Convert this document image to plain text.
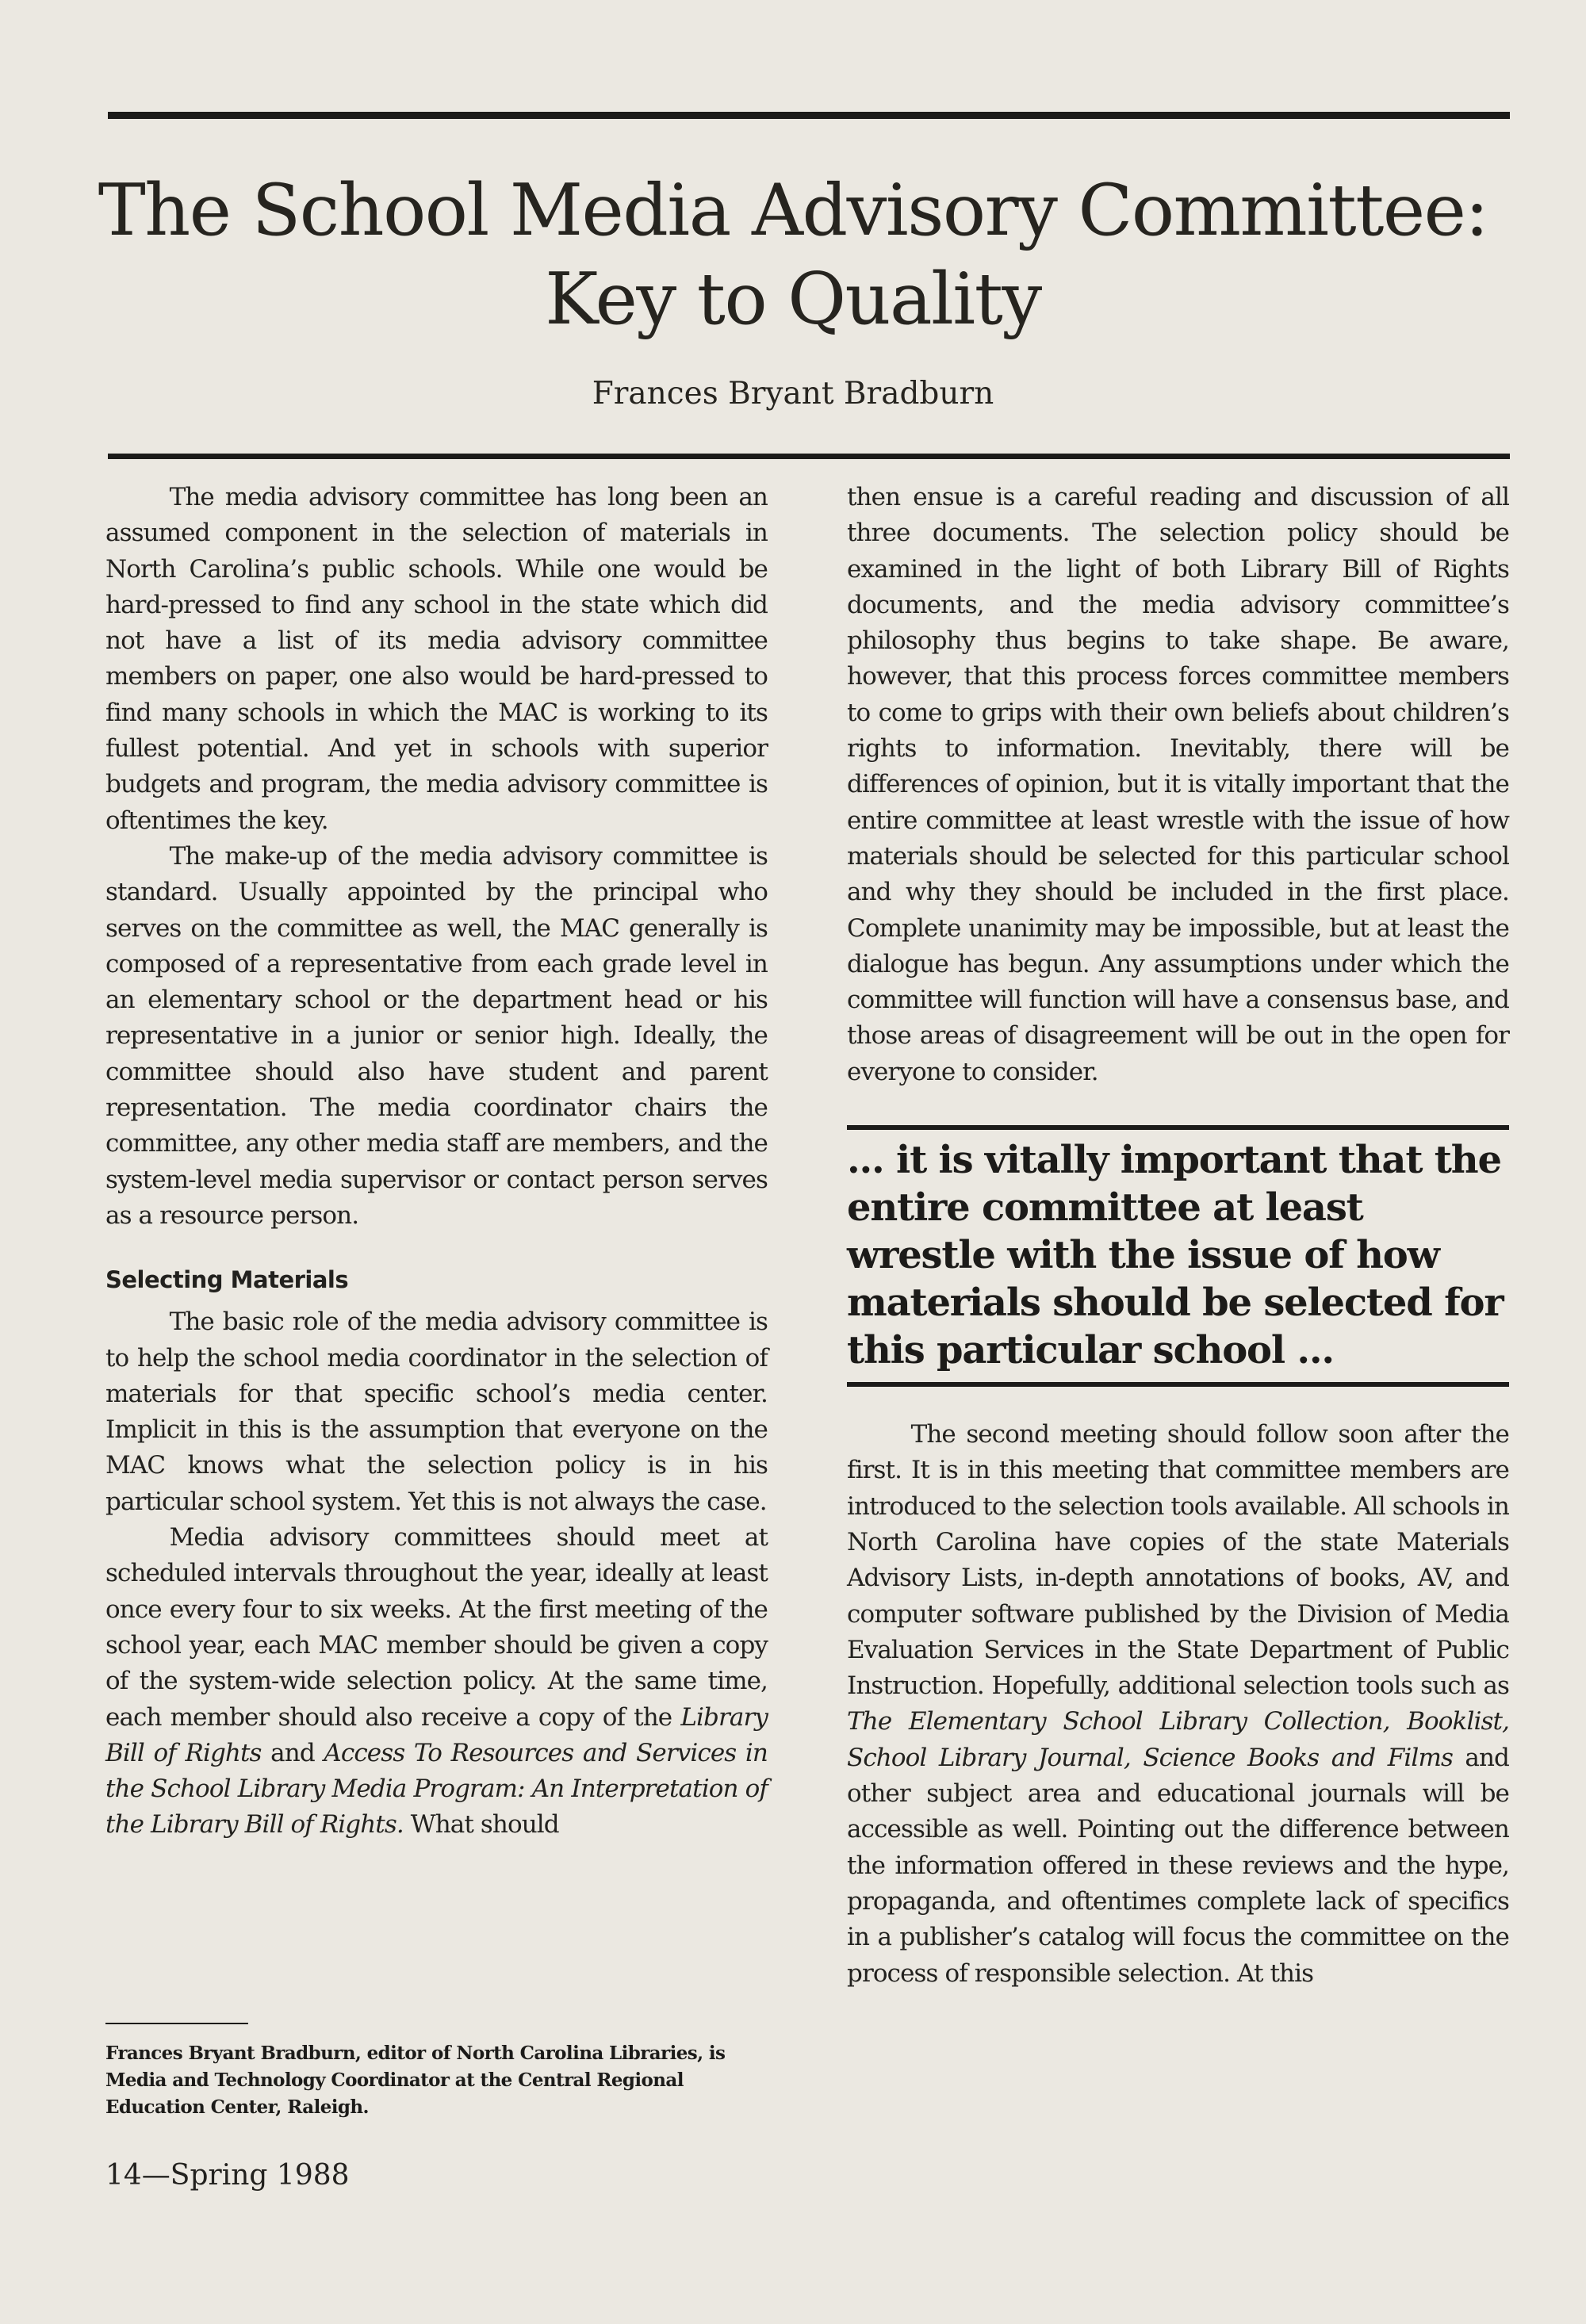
The School Media Advisory Committee:
Key to Quality
Frances Bryant Bradburn

The media advisory committee has long been an assumed component in the selection of materials in North Carolina’s public schools. While one would be hard-pressed to find any school in the state which did not have a list of its media advisory committee members on paper, one also would be hard-pressed to find many schools in which the MAC is working to its fullest potential. And yet in schools with superior budgets and program, the media advisory committee is oftentimes the key.

The make-up of the media advisory committee is standard. Usually appointed by the principal who serves on the committee as well, the MAC generally is composed of a representative from each grade level in an elementary school or the department head or his representative in a junior or senior high. Ideally, the committee should also have student and parent representation. The media coordinator chairs the committee, any other media staff are members, and the system-level media supervisor or contact person serves as a resource person.

Selecting Materials

The basic role of the media advisory committee is to help the school media coordinator in the selection of materials for that specific school’s media center. Implicit in this is the assumption that everyone on the MAC knows what the selection policy is in his particular school system. Yet this is not always the case.

Media advisory committees should meet at scheduled intervals throughout the year, ideally at least once every four to six weeks. At the first meeting of the school year, each MAC member should be given a copy of the system-wide selection policy. At the same time, each member should also receive a copy of the Library Bill of Rights and Access To Resources and Services in the School Library Media Program: An Interpretation of the Library Bill of Rights. What should

then ensue is a careful reading and discussion of all three documents. The selection policy should be examined in the light of both Library Bill of Rights documents, and the media advisory committee’s philosophy thus begins to take shape. Be aware, however, that this process forces committee members to come to grips with their own beliefs about children’s rights to information. Inevitably, there will be differences of opinion, but it is vitally important that the entire committee at least wrestle with the issue of how materials should be selected for this particular school and why they should be included in the first place. Complete unanimity may be impossible, but at least the dialogue has begun. Any assumptions under which the committee will function will have a consensus base, and those areas of disagreement will be out in the open for everyone to consider.

... it is vitally important that the entire committee at least wrestle with the issue of how materials should be selected for this particular school ...

The second meeting should follow soon after the first. It is in this meeting that committee members are introduced to the selection tools available. All schools in North Carolina have copies of the state Materials Advisory Lists, in-depth annotations of books, AV, and computer software published by the Division of Media Evaluation Services in the State Department of Public Instruction. Hopefully, additional selection tools such as The Elementary School Library Collection, Booklist, School Library Journal, Science Books and Films and other subject area and educational journals will be accessible as well. Pointing out the difference between the information offered in these reviews and the hype, propaganda, and oftentimes complete lack of specifics in a publisher’s catalog will focus the committee on the process of responsible selection. At this

Frances Bryant Bradburn, editor of North Carolina Libraries, is Media and Technology Coordinator at the Central Regional Education Center, Raleigh.
14—Spring 1988
